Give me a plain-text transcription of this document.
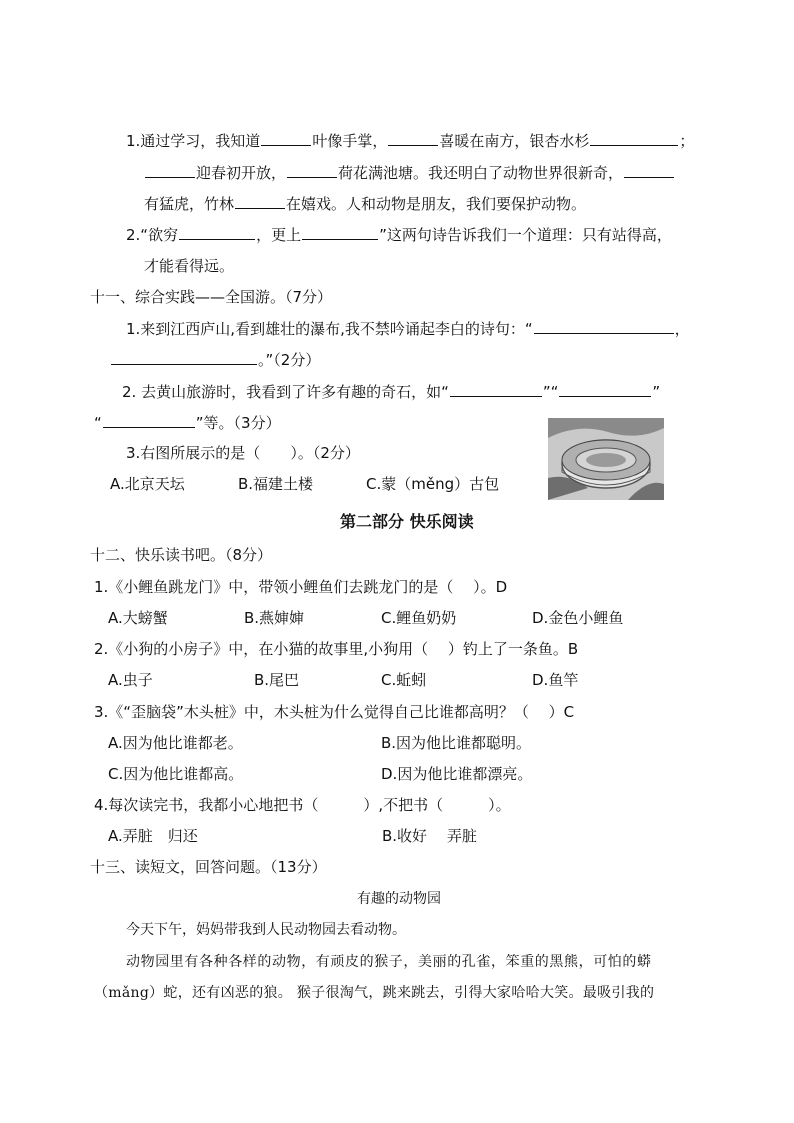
1.通过学习，我知道	叶像手掌，	喜暖在南方，银杏水杉	；
迎春初开放，	荷花满池塘。我还明白了动物世界很新奇，
有猛虎，竹林	在嬉戏。人和动物是朋友，我们要保护动物。
2.“欲穷	，更上	”这两句诗告诉我们一个道理：只有站得高，
才能看得远。
十一、综合实践——全国游。（7分）
1.来到江西庐山,看到雄壮的瀑布,我不禁吟诵起李白的诗句：“	，
。”（2分）
2. 去黄山旅游时，我看到了许多有趣的奇石，如“	”“	”
“	”等。（3分）
3.右图所展示的是（　　）。（2分）
A.北京天坛	B.福建土楼	C.蒙（měng）古包
第二部分 快乐阅读
十二、快乐读书吧。（8分）
1.《小鲤鱼跳龙门》中，带领小鲤鱼们去跳龙门的是（　 ）。D
A.大螃蟹	B.燕婶婶	C.鲤鱼奶奶	D.金色小鲤鱼
2.《小狗的小房子》中，在小猫的故事里,小狗用（　 ）钓上了一条鱼。B
A.虫子	B.尾巴	C.蚯蚓	D.鱼竿
3.《“歪脑袋”木头桩》中，木头桩为什么觉得自己比谁都高明？（　 ）C
A.因为他比谁都老。	B.因为他比谁都聪明。
C.因为他比谁都高。	D.因为他比谁都漂亮。
4.每次读完书，我都小心地把书（　　　）,不把书（　　　）。
A.弄脏　归还	B.收好　 弄脏
十三、读短文，回答问题。（13分）
有趣的动物园
今天下午，妈妈带我到人民动物园去看动物。
动物园里有各种各样的动物，有顽皮的猴子，美丽的孔雀，笨重的黑熊，可怕的蟒
（mǎng）蛇，还有凶恶的狼。 猴子很淘气，跳来跳去，引得大家哈哈大笑。最吸引我的
